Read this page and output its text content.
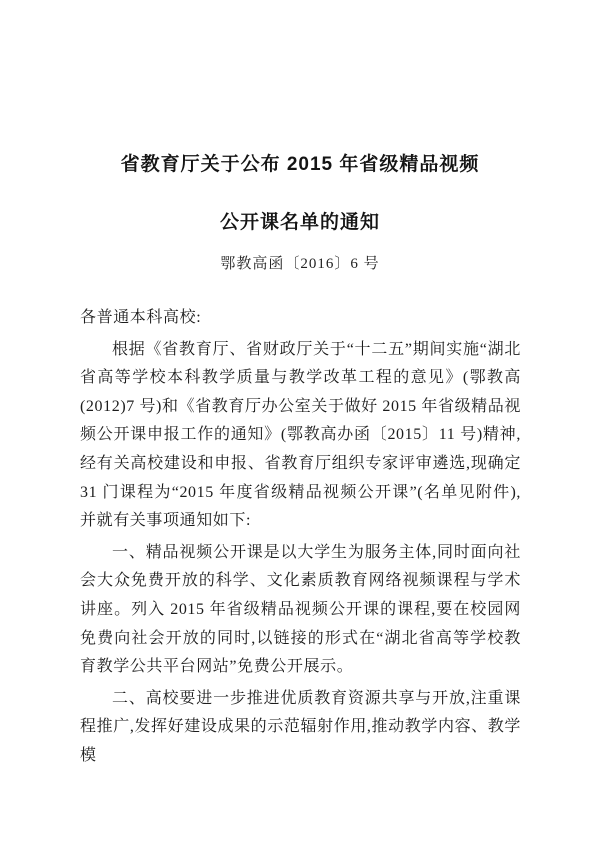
省教育厅关于公布 2015 年省级精品视频
公开课名单的通知
鄂教高函〔2016〕6 号

各普通本科高校:

根据《省教育厅、省财政厅关于“十二五”期间实施“湖北省高等学校本科教学质量与教学改革工程的意见》(鄂教高(2012)7 号)和《省教育厅办公室关于做好 2015 年省级精品视频公开课申报工作的通知》(鄂教高办函〔2015〕11 号)精神,经有关高校建设和申报、省教育厅组织专家评审遴选,现确定 31 门课程为“2015 年度省级精品视频公开课”(名单见附件),并就有关事项通知如下:

一、精品视频公开课是以大学生为服务主体,同时面向社会大众免费开放的科学、文化素质教育网络视频课程与学术讲座。列入 2015 年省级精品视频公开课的课程,要在校园网免费向社会开放的同时,以链接的形式在“湖北省高等学校教育教学公共平台网站”免费公开展示。

二、高校要进一步推进优质教育资源共享与开放,注重课程推广,发挥好建设成果的示范辐射作用,推动教学内容、教学模
